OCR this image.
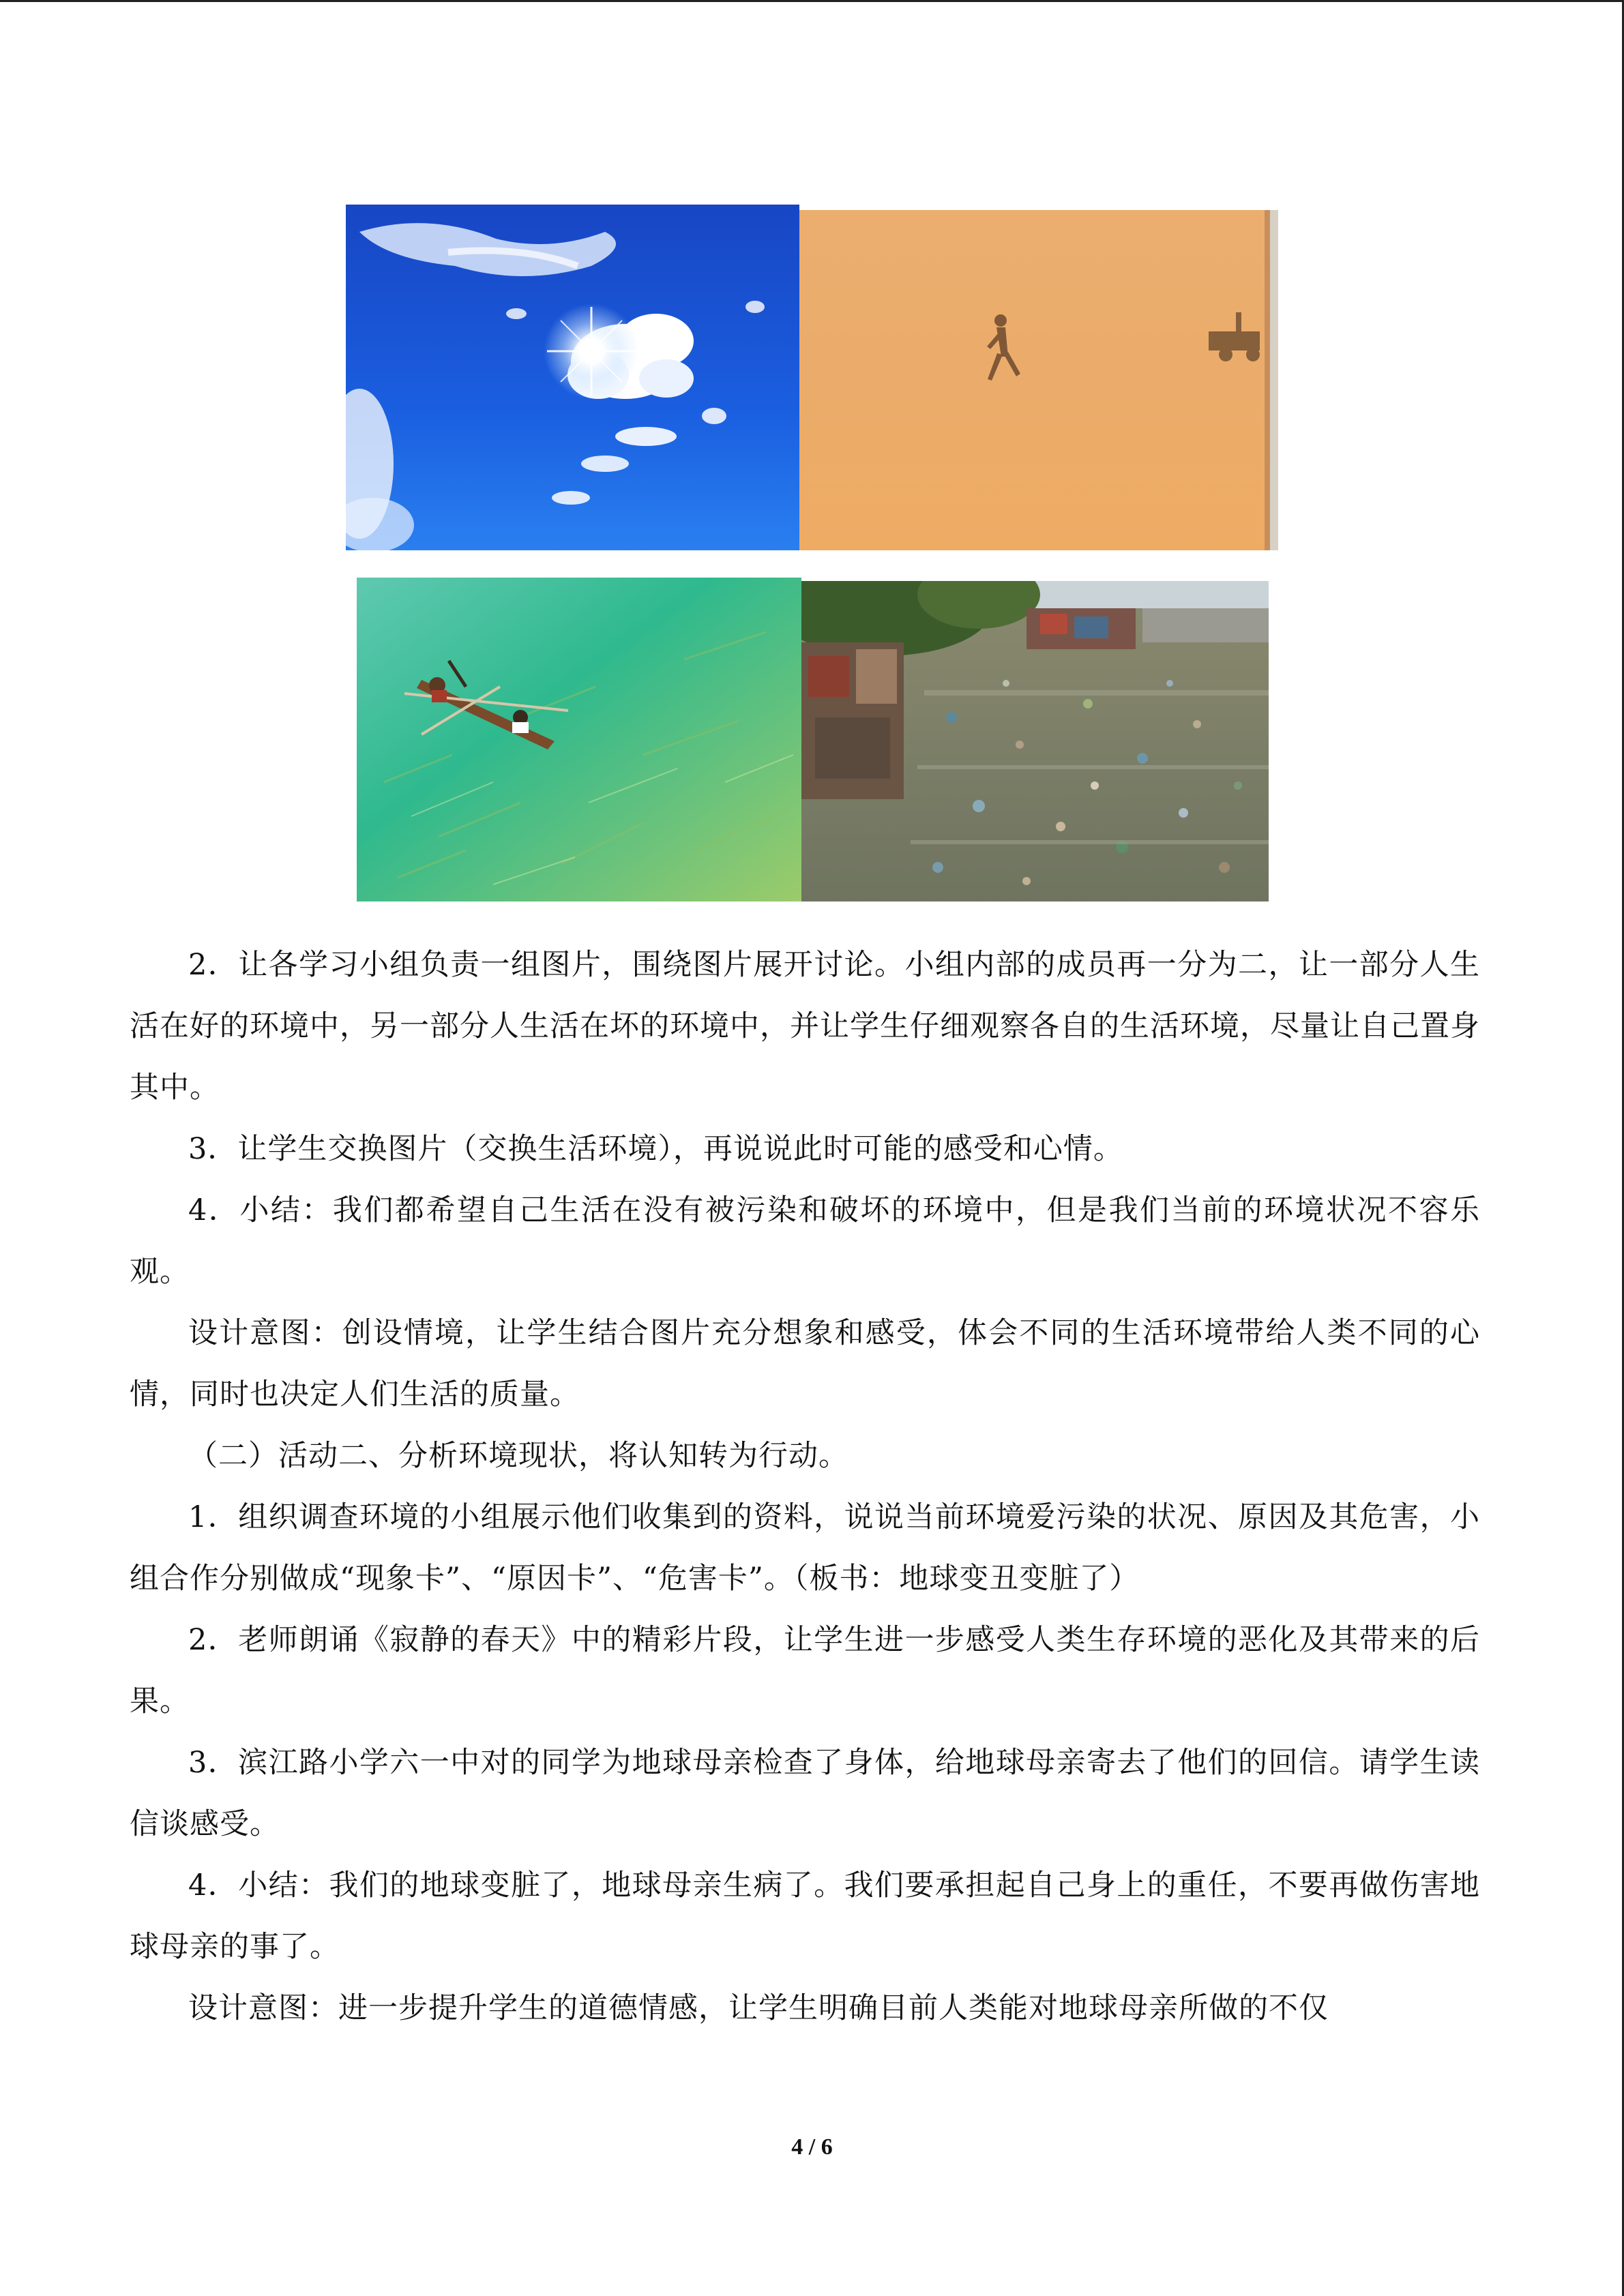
2．让各学习小组负责一组图片，围绕图片展开讨论。小组内部的成员再一分为二，让一部分人生活在好的环境中，另一部分人生活在坏的环境中，并让学生仔细观察各自的生活环境，尽量让自己置身其中。

3．让学生交换图片（交换生活环境），再说说此时可能的感受和心情。

4．小结：我们都希望自己生活在没有被污染和破坏的环境中，但是我们当前的环境状况不容乐观。

设计意图：创设情境，让学生结合图片充分想象和感受，体会不同的生活环境带给人类不同的心情，同时也决定人们生活的质量。

（二）活动二、分析环境现状，将认知转为行动。

1．组织调查环境的小组展示他们收集到的资料，说说当前环境爱污染的状况、原因及其危害，小组合作分别做成“现象卡”、“原因卡”、“危害卡”。（板书：地球变丑变脏了）

2．老师朗诵《寂静的春天》中的精彩片段，让学生进一步感受人类生存环境的恶化及其带来的后果。

3．滨江路小学六一中对的同学为地球母亲检查了身体，给地球母亲寄去了他们的回信。请学生读信谈感受。

4．小结：我们的地球变脏了，地球母亲生病了。我们要承担起自己身上的重任，不要再做伤害地球母亲的事了。

设计意图：进一步提升学生的道德情感，让学生明确目前人类能对地球母亲所做的不仅

4 / 6
